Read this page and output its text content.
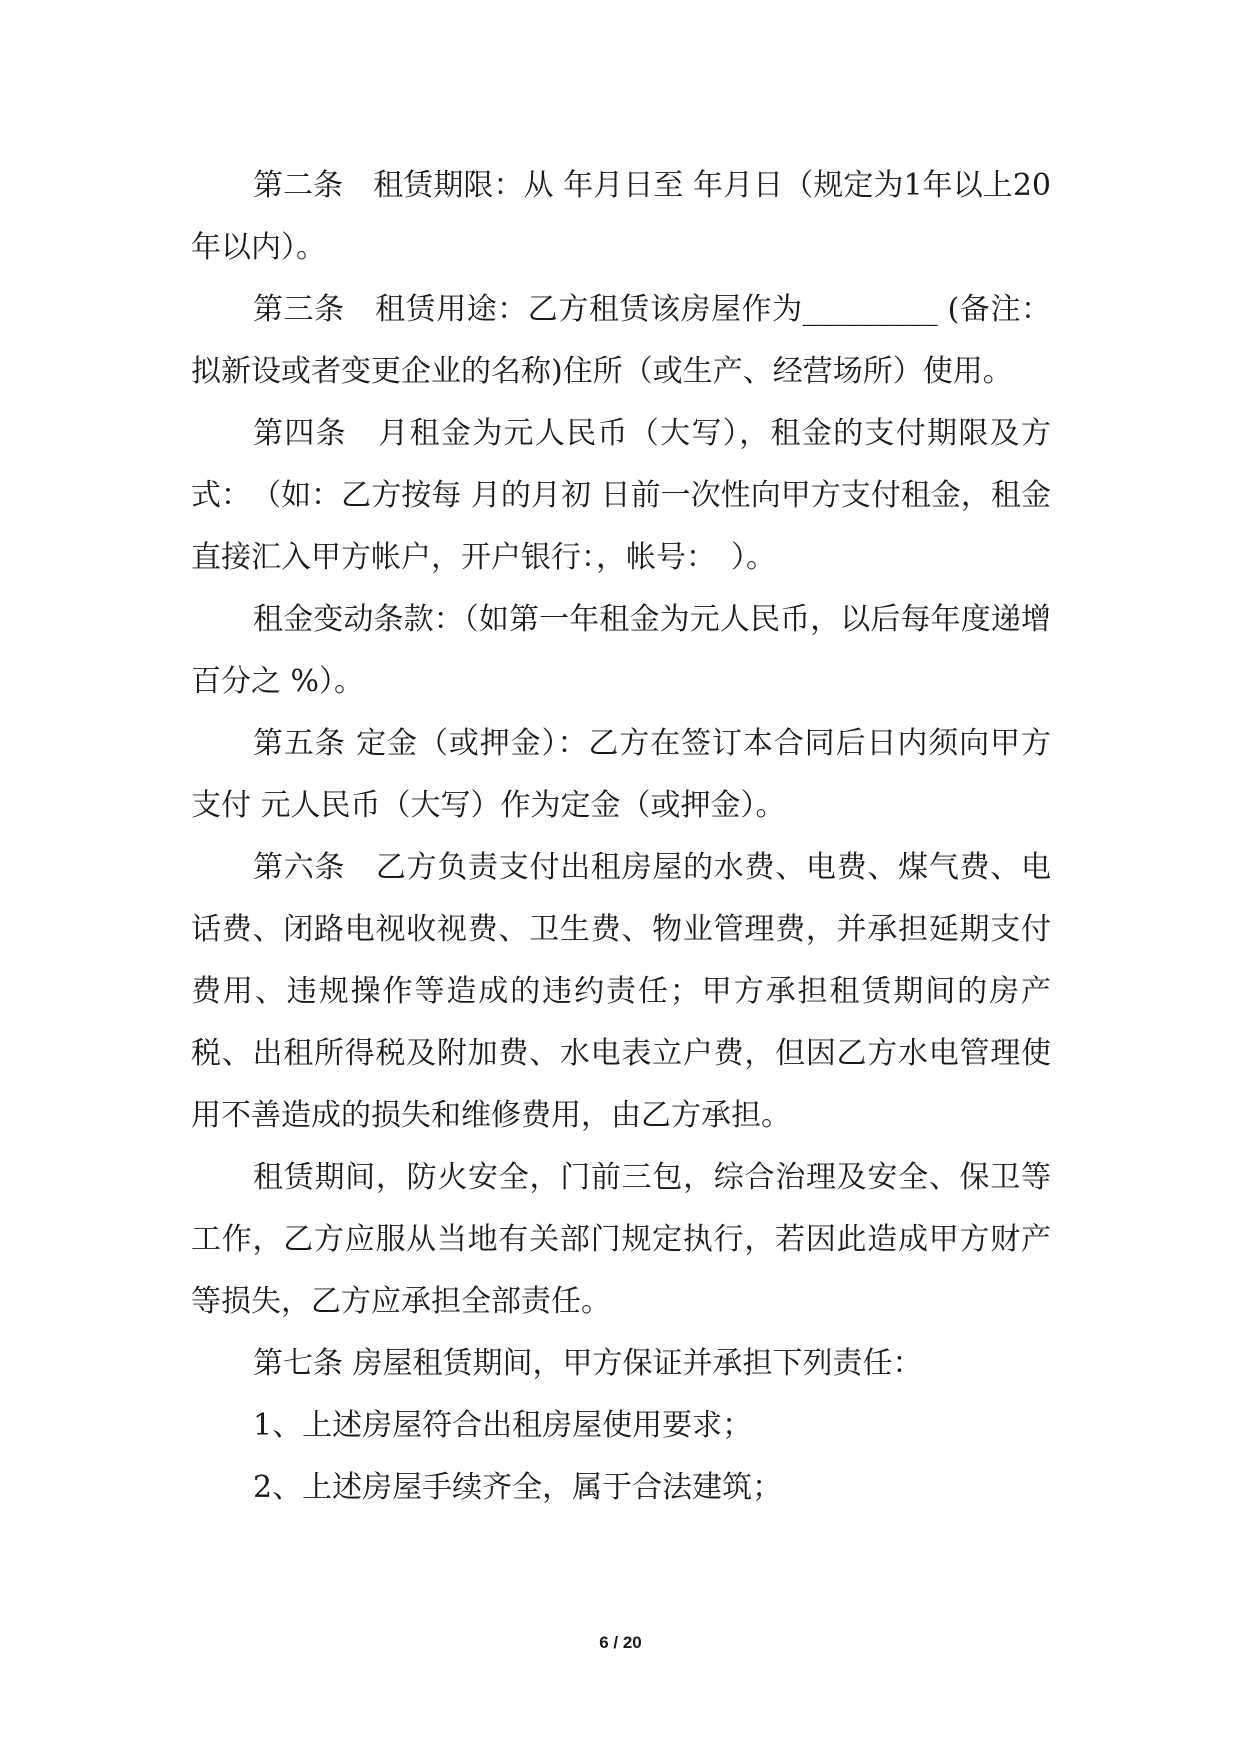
第二条　租赁期限：从 年月日至 年月日（规定为1年以上20年以内）。

第三条　租赁用途：乙方租赁该房屋作为_________ (备注：拟新设或者变更企业的名称)住所（或生产、经营场所）使用。

第四条　月租金为元人民币（大写），租金的支付期限及方式：　（如：乙方按每 月的月初 日前一次性向甲方支付租金，租金直接汇入甲方帐户，开户银行：，帐号：　）。

租金变动条款：（如第一年租金为元人民币，以后每年度递增百分之 %）。

第五条 定金（或押金）：乙方在签订本合同后日内须向甲方支付 元人民币（大写）作为定金（或押金）。

第六条　乙方负责支付出租房屋的水费、电费、煤气费、电话费、闭路电视收视费、卫生费、物业管理费，并承担延期支付费用、违规操作等造成的违约责任；甲方承担租赁期间的房产税、出租所得税及附加费、水电表立户费，但因乙方水电管理使用不善造成的损失和维修费用，由乙方承担。

租赁期间，防火安全，门前三包，综合治理及安全、保卫等工作，乙方应服从当地有关部门规定执行，若因此造成甲方财产等损失，乙方应承担全部责任。

第七条 房屋租赁期间，甲方保证并承担下列责任：

1、上述房屋符合出租房屋使用要求；

2、上述房屋手续齐全，属于合法建筑；

6 / 20
